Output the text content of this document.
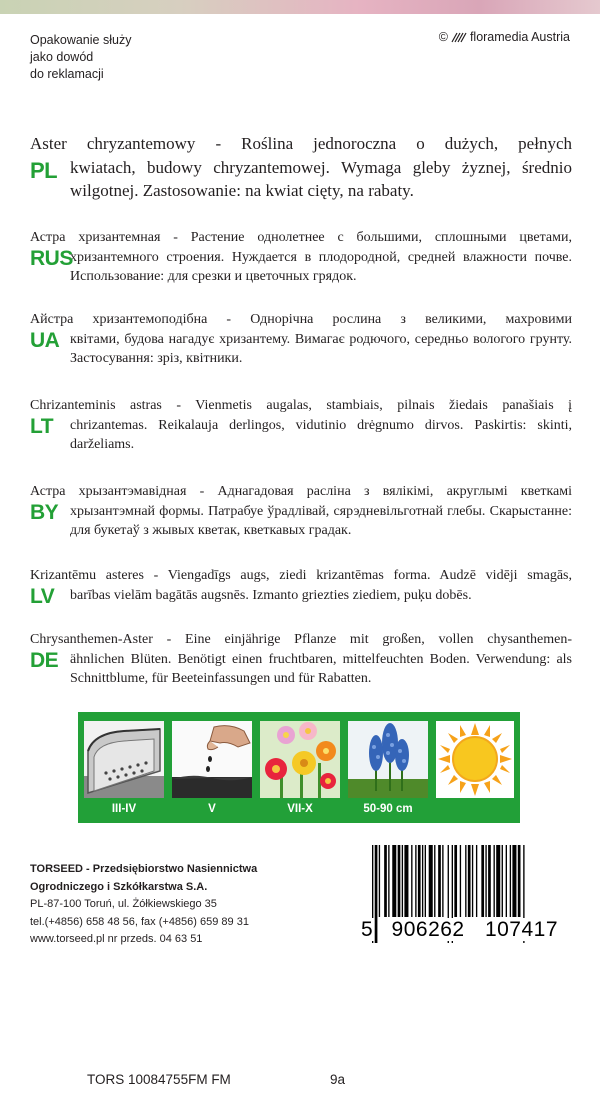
Opakowanie służy
jako dowód
do reklamacji
© floramedia Austria
PL
Aster chryzantemowy - Roślina jednoroczna o dużych, pełnych
kwiatach, budowy chryzantemowej. Wymaga gleby żyznej, średnio wilgotnej. Zastosowanie: na kwiat cięty, na rabaty.
RUS
Астра хризантемная - Растение однолетнее с большими, сплошными цветами,
хризантемного строения. Нуждается в плодородной, средней влажности почве. Использование: для срезки и цветочных грядок.
UA
Айстра хризантемоподібна - Однорічна рослина з великими, махровими
квітами, будова нагадує хризантему. Вимагає родючого, середньо вологого грунту. Застосування: зріз, квітники.
LT
Chrizanteminis astras - Vienmetis augalas, stambiais, pilnais žiedais panašiais į
chrizantemas. Reikalauja derlingos, vidutinio drėgnumo dirvos. Paskirtis: skinti, darželiams.
BY
Астра хрызантэмавідная - Аднагадовая расліна з вялікімі, акруглымі кветкамі
хрызантэмнай формы. Патрабуе ўрадлівай, сярэдневільготнай глебы. Скарыстанне: для букетаў з жывых кветак, кветкавых градак.
LV
Krizantēmu asteres - Viengadīgs augs, ziedi krizantēmas forma. Audzē vidēji smagās,
barības vielām bagātās augsnēs. Izmanto griezties ziediem, puķu dobēs.
DE
Chrysanthemen-Aster - Eine einjährige Pflanze mit großen, vollen chysanthemen-
ähnlichen Blüten. Benötigt einen fruchtbaren, mittelfeuchten Boden. Verwendung: als Schnittblume, für Beeteinfassungen und für Rabatten.
III-IV	V	VII-X	50-90 cm
TORSEED - Przedsiębiorstwo Nasiennictwa
Ogrodniczego i Szkółkarstwa S.A.
PL-87-100 Toruń, ul. Żółkiewskiego 35
tel.(+4856) 658 48 56, fax (+4856) 659 89 31
www.torseed.pl nr przeds. 04 63 51	5 906262 107417
TORS 10084755FM FM	9a
